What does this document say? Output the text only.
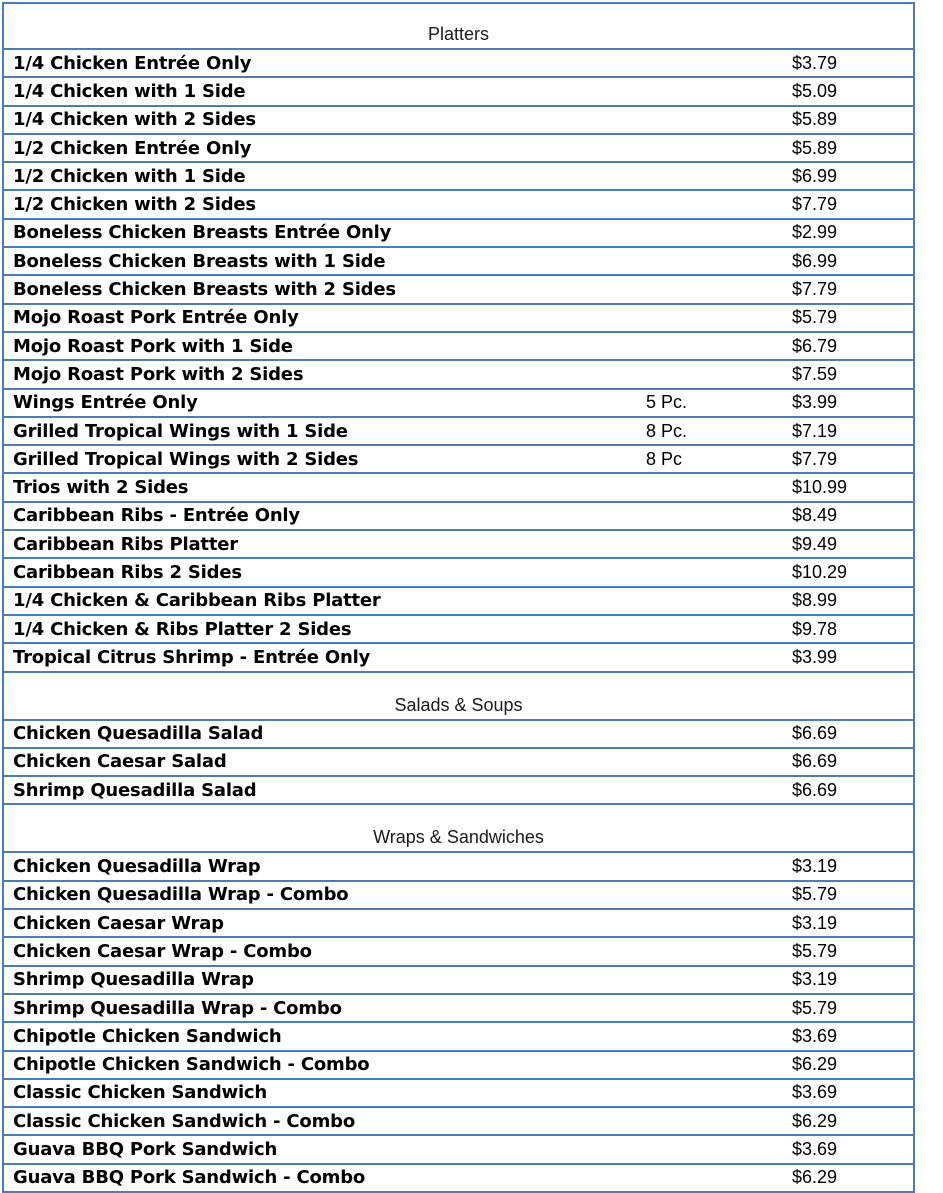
Platters
1/4 Chicken Entrée Only	$3.79
1/4 Chicken with 1 Side	$5.09
1/4 Chicken with 2 Sides	$5.89
1/2 Chicken Entrée Only	$5.89
1/2 Chicken with 1 Side	$6.99
1/2 Chicken with 2 Sides	$7.79
Boneless Chicken Breasts Entrée Only	$2.99
Boneless Chicken Breasts with 1 Side	$6.99
Boneless Chicken Breasts with 2 Sides	$7.79
Mojo Roast Pork Entrée Only	$5.79
Mojo Roast Pork with 1 Side	$6.79
Mojo Roast Pork with 2 Sides	$7.59
Wings Entrée Only	5 Pc.	$3.99
Grilled Tropical Wings with 1 Side	8 Pc.	$7.19
Grilled Tropical Wings with 2 Sides	8 Pc	$7.79
Trios with 2 Sides	$10.99
Caribbean Ribs - Entrée Only	$8.49
Caribbean Ribs Platter	$9.49
Caribbean Ribs 2 Sides	$10.29
1/4 Chicken & Caribbean Ribs Platter	$8.99
1/4 Chicken & Ribs Platter 2 Sides	$9.78
Tropical Citrus Shrimp - Entrée Only	$3.99
Salads & Soups
Chicken Quesadilla Salad	$6.69
Chicken Caesar Salad	$6.69
Shrimp Quesadilla Salad	$6.69
Wraps & Sandwiches
Chicken Quesadilla Wrap	$3.19
Chicken Quesadilla Wrap - Combo	$5.79
Chicken Caesar Wrap	$3.19
Chicken Caesar Wrap - Combo	$5.79
Shrimp Quesadilla Wrap	$3.19
Shrimp Quesadilla Wrap - Combo	$5.79
Chipotle Chicken Sandwich	$3.69
Chipotle Chicken Sandwich - Combo	$6.29
Classic Chicken Sandwich	$3.69
Classic Chicken Sandwich - Combo	$6.29
Guava BBQ Pork Sandwich	$3.69
Guava BBQ Pork Sandwich - Combo	$6.29
